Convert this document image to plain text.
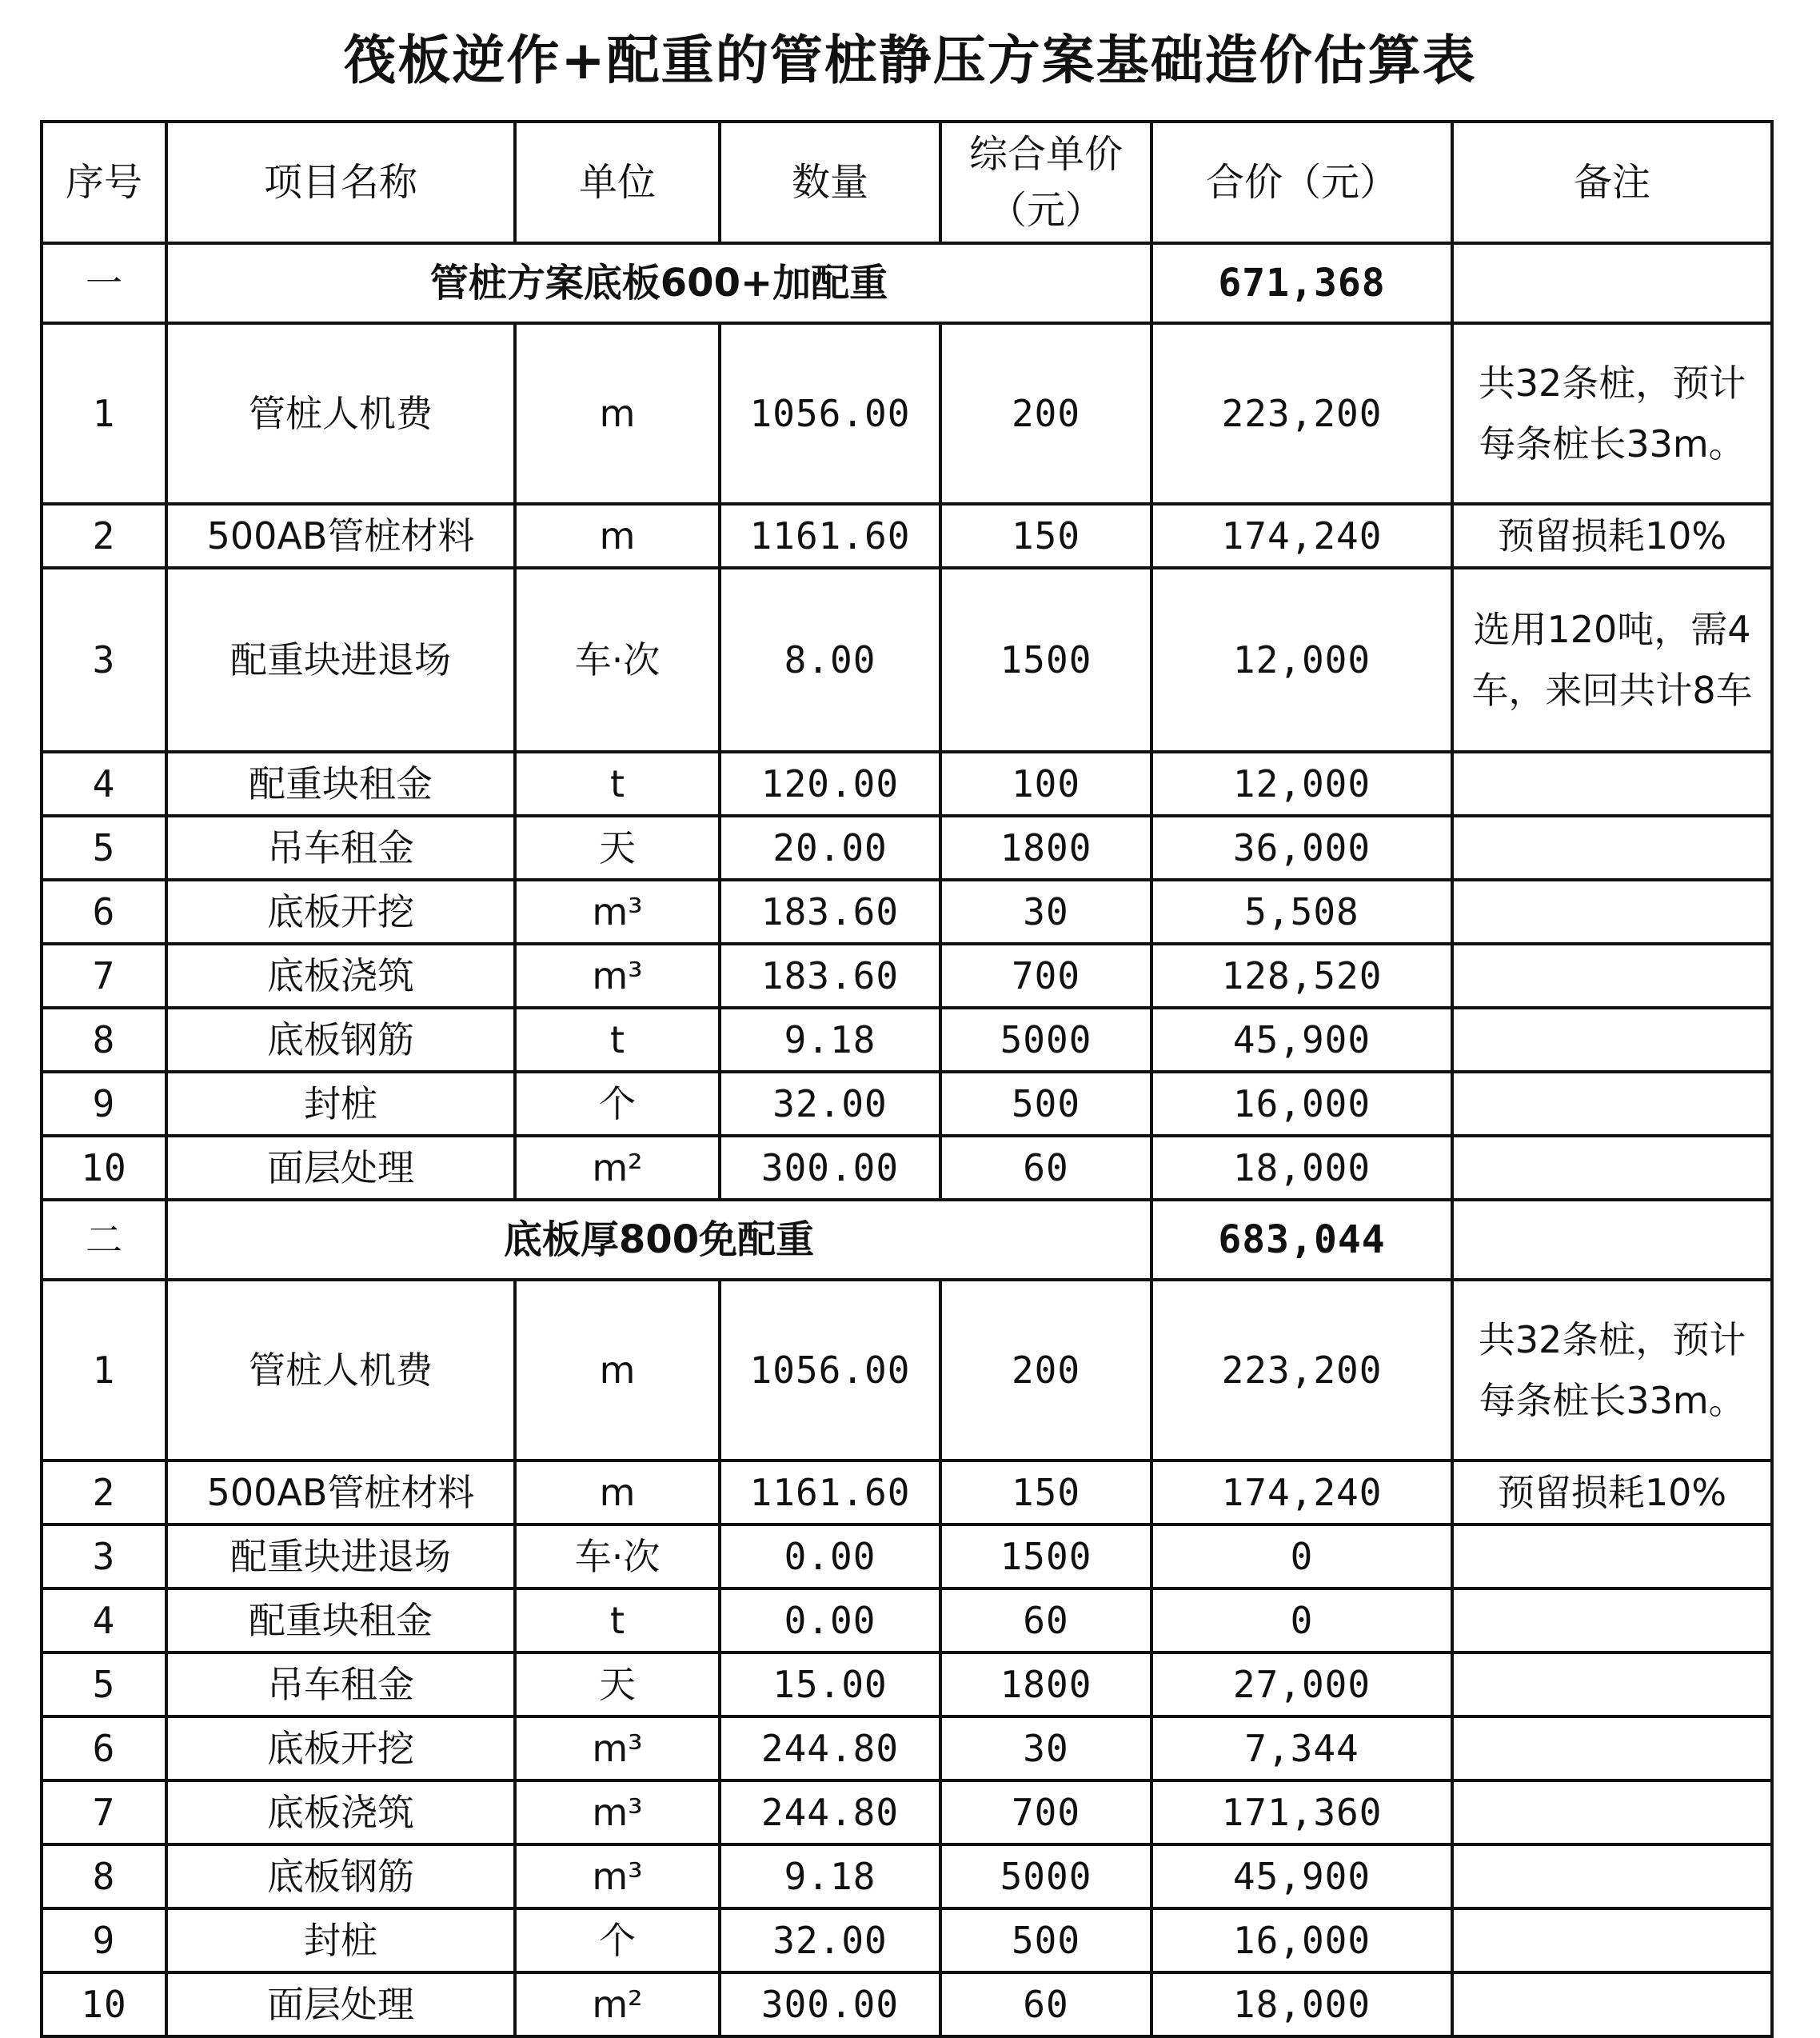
筏板逆作+配重的管桩静压方案基础造价估算表
序号	项目名称	单位	数量	综合单价（元）	合价（元）	备注
一	管桩方案底板600+加配重				671,368	
1	管桩人机费	m	1056.00	200	223,200	共32条桩，预计每条桩长33m。
2	500AB管桩材料	m	1161.60	150	174,240	预留损耗10%
3	配重块进退场	车·次	8.00	1500	12,000	选用120吨，需4车，来回共计8车
4	配重块租金	t	120.00	100	12,000	
5	吊车租金	天	20.00	1800	36,000	
6	底板开挖	m³	183.60	30	5,508	
7	底板浇筑	m³	183.60	700	128,520	
8	底板钢筋	t	9.18	5000	45,900	
9	封桩	个	32.00	500	16,000	
10	面层处理	m²	300.00	60	18,000	
二	底板厚800免配重				683,044	
1	管桩人机费	m	1056.00	200	223,200	共32条桩，预计每条桩长33m。
2	500AB管桩材料	m	1161.60	150	174,240	预留损耗10%
3	配重块进退场	车·次	0.00	1500	0	
4	配重块租金	t	0.00	60	0	
5	吊车租金	天	15.00	1800	27,000	
6	底板开挖	m³	244.80	30	7,344	
7	底板浇筑	m³	244.80	700	171,360	
8	底板钢筋	m³	9.18	5000	45,900	
9	封桩	个	32.00	500	16,000	
10	面层处理	m²	300.00	60	18,000	
